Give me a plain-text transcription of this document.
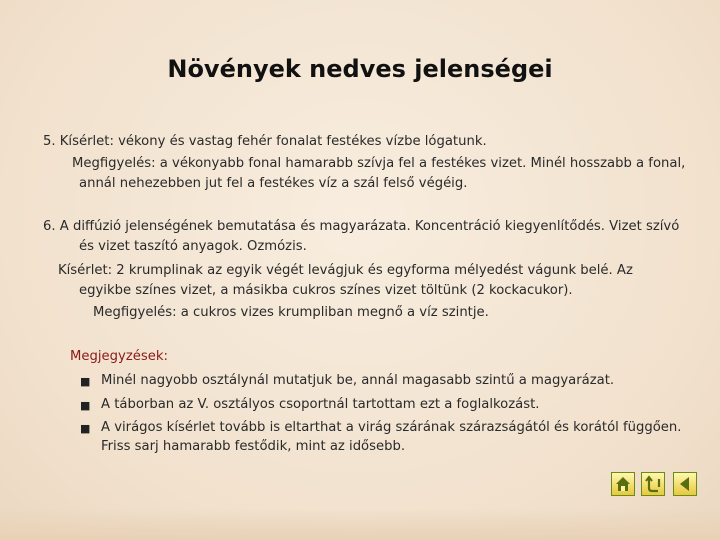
Növények nedves jelenségei
5. Kísérlet: vékony és vastag fehér fonalat festékes vízbe lógatunk.
Megfigyelés: a vékonyabb fonal hamarabb szívja fel a festékes vizet. Minél hosszabb a fonal,
annál nehezebben jut fel a festékes víz a szál felső végéig.
6. A diffúzió jelenségének bemutatása és magyarázata. Koncentráció kiegyenlítődés. Vizet szívó
és vizet taszító anyagok. Ozmózis.
Kísérlet: 2 krumplinak az egyik végét levágjuk és egyforma mélyedést vágunk belé. Az
egyikbe színes vizet, a másikba cukros színes vizet töltünk (2 kockacukor).
Megfigyelés: a cukros vizes krumpliban megnő a víz szintje.
Megjegyzések:
■ Minél nagyobb osztálynál mutatjuk be, annál magasabb szintű a magyarázat.
■ A táborban az V. osztályos csoportnál tartottam ezt a foglalkozást.
■ A virágos kísérlet tovább is eltarthat a virág szárának szárazságától és korától függően.
Friss sarj hamarabb festődik, mint az idősebb.
